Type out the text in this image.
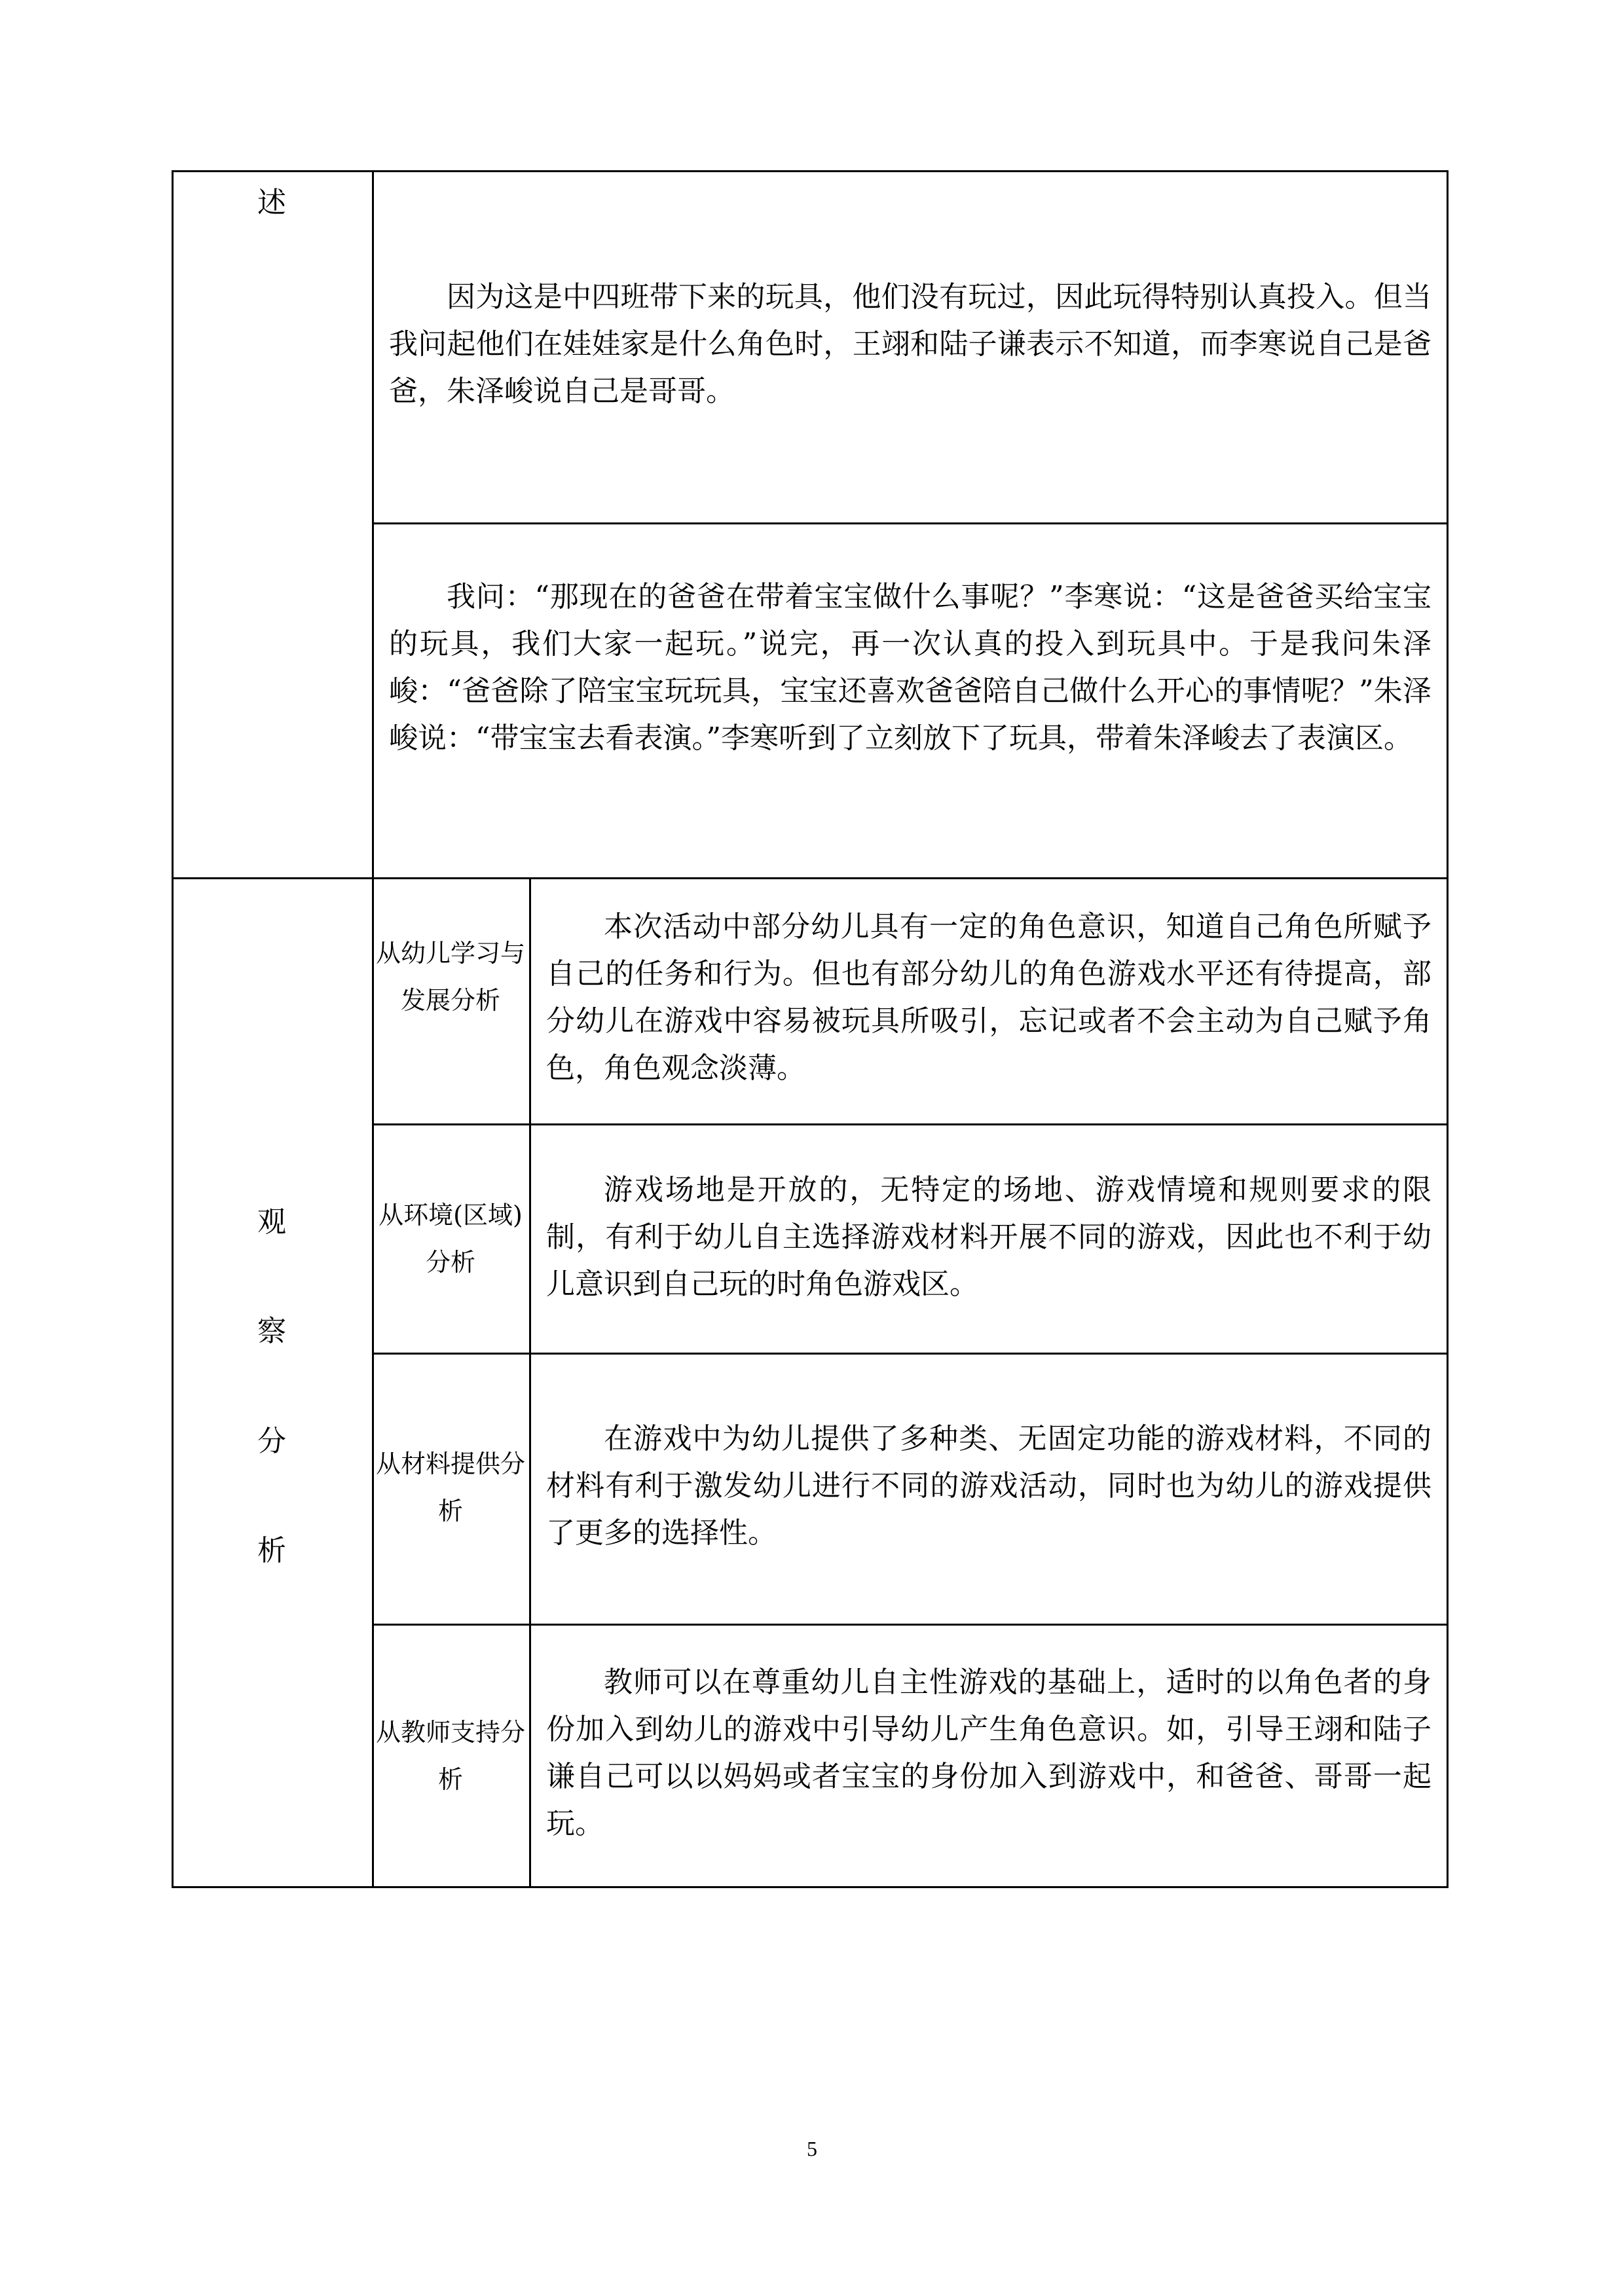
述
因为这是中四班带下来的玩具，他们没有玩过，因此玩得特别认真投入。但当我问起他们在娃娃家是什么角色时，王翊和陆子谦表示不知道，而李寒说自己是爸爸，朱泽峻说自己是哥哥。
我问：“那现在的爸爸在带着宝宝做什么事呢？”李寒说：“这是爸爸买给宝宝的玩具，我们大家一起玩。”说完，再一次认真的投入到玩具中。于是我问朱泽峻：“爸爸除了陪宝宝玩玩具，宝宝还喜欢爸爸陪自己做什么开心的事情呢？”朱泽峻说：“带宝宝去看表演。”李寒听到了立刻放下了玩具，带着朱泽峻去了表演区。
观
察
分
析
从幼儿学习与发展分析
本次活动中部分幼儿具有一定的角色意识，知道自己角色所赋予自己的任务和行为。但也有部分幼儿的角色游戏水平还有待提高，部分幼儿在游戏中容易被玩具所吸引，忘记或者不会主动为自己赋予角色，角色观念淡薄。
从环境(区域)分析
游戏场地是开放的，无特定的场地、游戏情境和规则要求的限制，有利于幼儿自主选择游戏材料开展不同的游戏，因此也不利于幼儿意识到自己玩的时角色游戏区。
从材料提供分析
在游戏中为幼儿提供了多种类、无固定功能的游戏材料，不同的材料有利于激发幼儿进行不同的游戏活动，同时也为幼儿的游戏提供了更多的选择性。
从教师支持分析
教师可以在尊重幼儿自主性游戏的基础上，适时的以角色者的身份加入到幼儿的游戏中引导幼儿产生角色意识。如，引导王翊和陆子谦自己可以以妈妈或者宝宝的身份加入到游戏中，和爸爸、哥哥一起玩。
5
